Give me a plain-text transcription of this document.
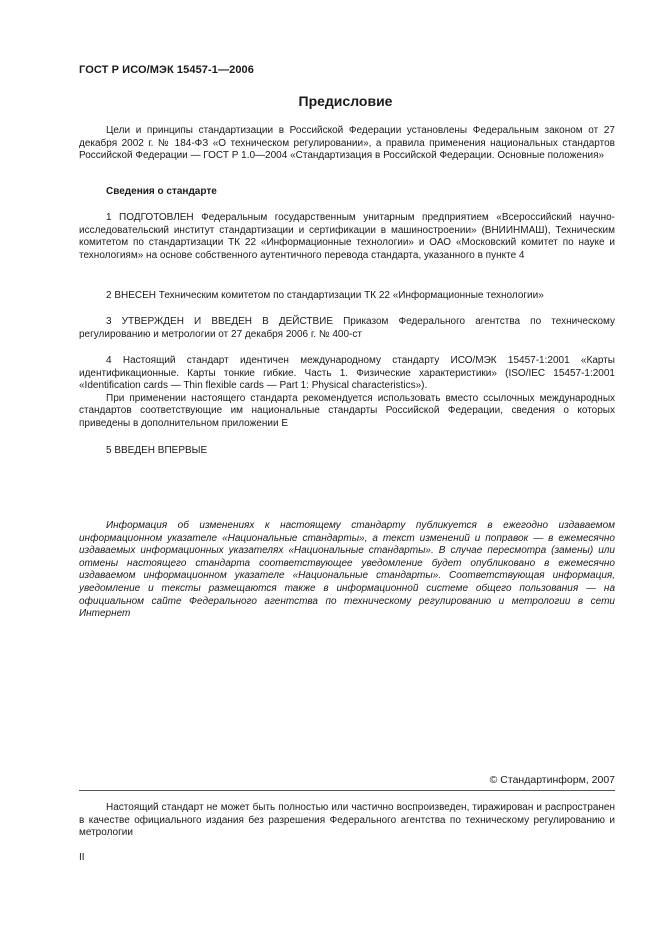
ГОСТ Р ИСО/МЭК 15457-1—2006
Предисловие

Цели и принципы стандартизации в Российской Федерации установлены Федеральным законом от 27 декабря 2002 г. № 184-ФЗ «О техническом регулировании», а правила применения национальных стандартов Российской Федерации — ГОСТ Р 1.0—2004 «Стандартизация в Российской Федерации. Основные положения»

Сведения о стандарте

1 ПОДГОТОВЛЕН Федеральным государственным унитарным предприятием «Всероссийский научно-исследовательский институт стандартизации и сертификации в машиностроении» (ВНИИНМАШ), Техническим комитетом по стандартизации ТК 22 «Информационные технологии» и ОАО «Московский комитет по науке и технологиям» на основе собственного аутентичного перевода стандарта, указанного в пункте 4

2 ВНЕСЕН Техническим комитетом по стандартизации ТК 22 «Информационные технологии»

3 УТВЕРЖДЕН И ВВЕДЕН В ДЕЙСТВИЕ Приказом Федерального агентства по техническому регулированию и метрологии от 27 декабря 2006 г. № 400-ст

4 Настоящий стандарт идентичен международному стандарту ИСО/МЭК 15457-1:2001 «Карты идентификационные. Карты тонкие гибкие. Часть 1. Физические характеристики» (ISO/IEC 15457-1:2001 «Identification cards — Thin flexible cards — Part 1: Physical characteristics»).

При применении настоящего стандарта рекомендуется использовать вместо ссылочных международных стандартов соответствующие им национальные стандарты Российской Федерации, сведения о которых приведены в дополнительном приложении Е

5 ВВЕДЕН ВПЕРВЫЕ

Информация об изменениях к настоящему стандарту публикуется в ежегодно издаваемом информационном указателе «Национальные стандарты», а текст изменений и поправок — в ежемесячно издаваемых информационных указателях «Национальные стандарты». В случае пересмотра (замены) или отмены настоящего стандарта соответствующее уведомление будет опубликовано в ежемесячно издаваемом информационном указателе «Национальные стандарты». Соответствующая информация, уведомление и тексты размещаются также в информационной системе общего пользования — на официальном сайте Федерального агентства по техническому регулированию и метрологии в сети Интернет

© Стандартинформ, 2007

Настоящий стандарт не может быть полностью или частично воспроизведен, тиражирован и распространен в качестве официального издания без разрешения Федерального агентства по техническому регулированию и метрологии

II
